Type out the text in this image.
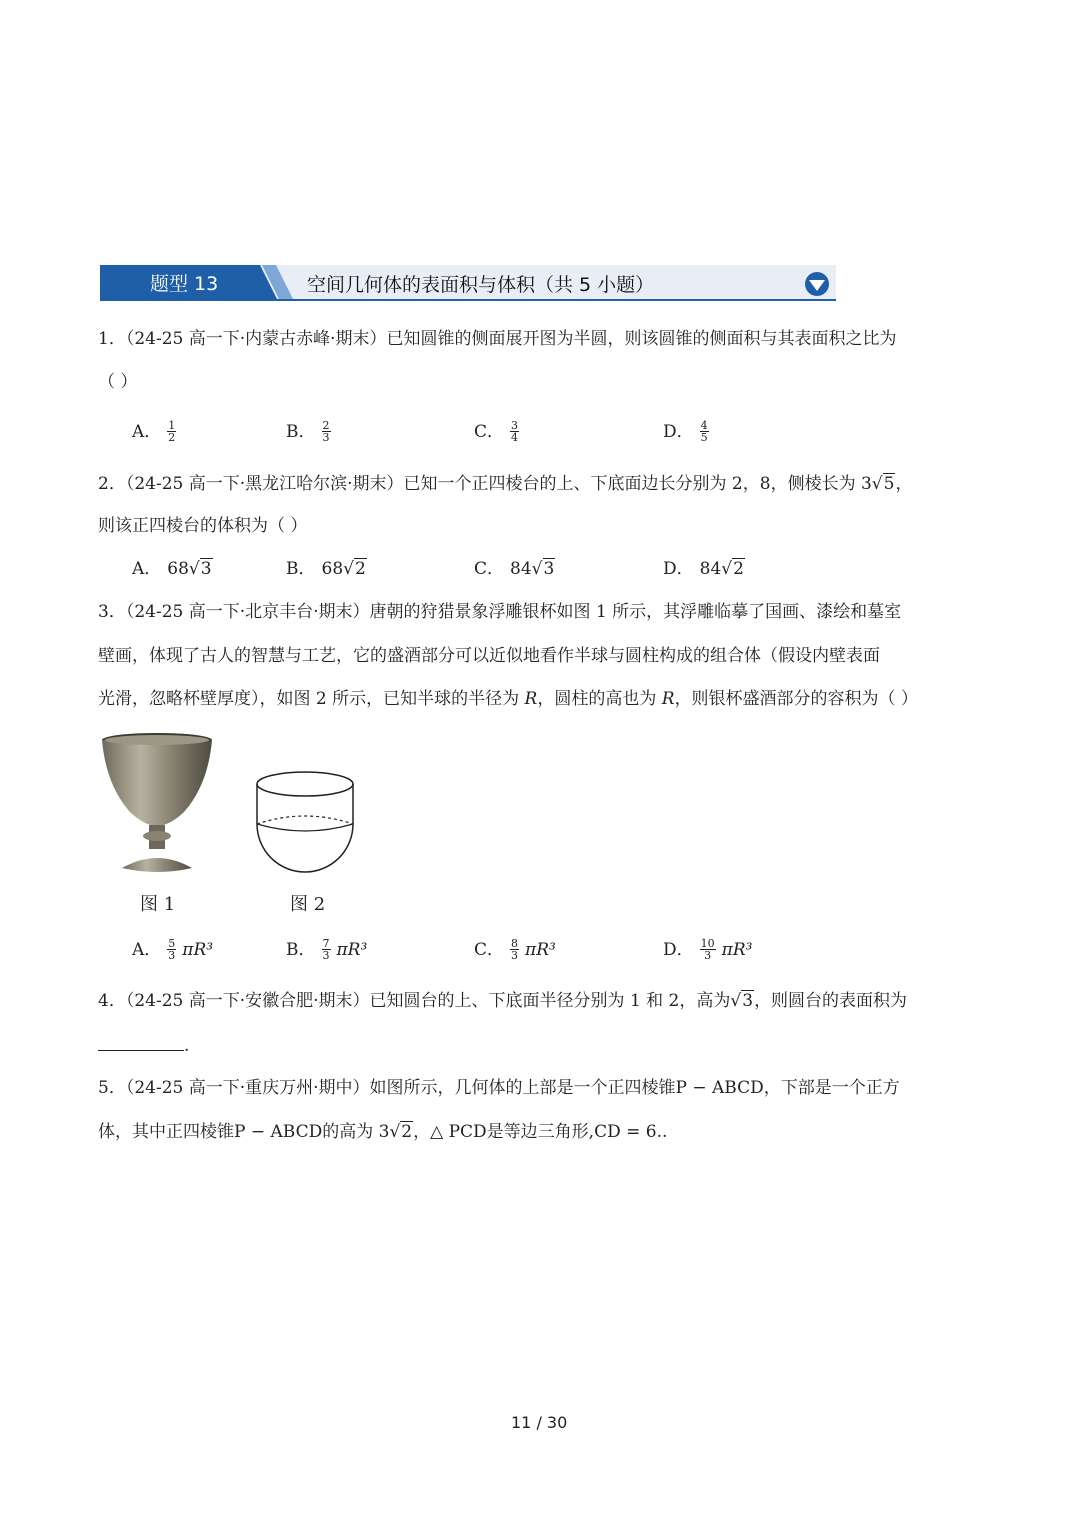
题型 13	空间几何体的表面积与体积（共 5 小题）
1．（24-25 高一下·内蒙古赤峰·期末）已知圆锥的侧面展开图为半圆，则该圆锥的侧面积与其表面积之比为
（ ）
A． $\frac{1}{2}$	B． $\frac{2}{3}$	C． $\frac{3}{4}$	D． $\frac{4}{5}$
2．（24-25 高一下·黑龙江哈尔滨·期末）已知一个正四棱台的上、下底面边长分别为 2，8，侧棱长为 3√5，
则该正四棱台的体积为（ ）
A． 68√3	B． 68√2	C． 84√3	D． 84√2
3．（24-25 高一下·北京丰台·期末）唐朝的狩猎景象浮雕银杯如图 1 所示，其浮雕临摹了国画、漆绘和墓室
壁画，体现了古人的智慧与工艺，它的盛酒部分可以近似地看作半球与圆柱构成的组合体（假设内壁表面
光滑，忽略杯壁厚度），如图 2 所示，已知半球的半径为 R，圆柱的高也为 R，则银杯盛酒部分的容积为（ ）
图 1	图 2
A． $\frac{5}{3} \pi R^3$	B． $\frac{7}{3} \pi R^3$	C． $\frac{8}{3} \pi R^3$	D． $\frac{10}{3} \pi R^3$
4．（24-25 高一下·安徽合肥·期末）已知圆台的上、下底面半径分别为 1 和 2，高为√3，则圆台的表面积为
.
5．（24-25 高一下·重庆万州·期中）如图所示，几何体的上部是一个正四棱锥P − ABCD，下部是一个正方
体，其中正四棱锥P − ABCD的高为 3√2，△ PCD是等边三角形,CD = 6..
11 / 30
